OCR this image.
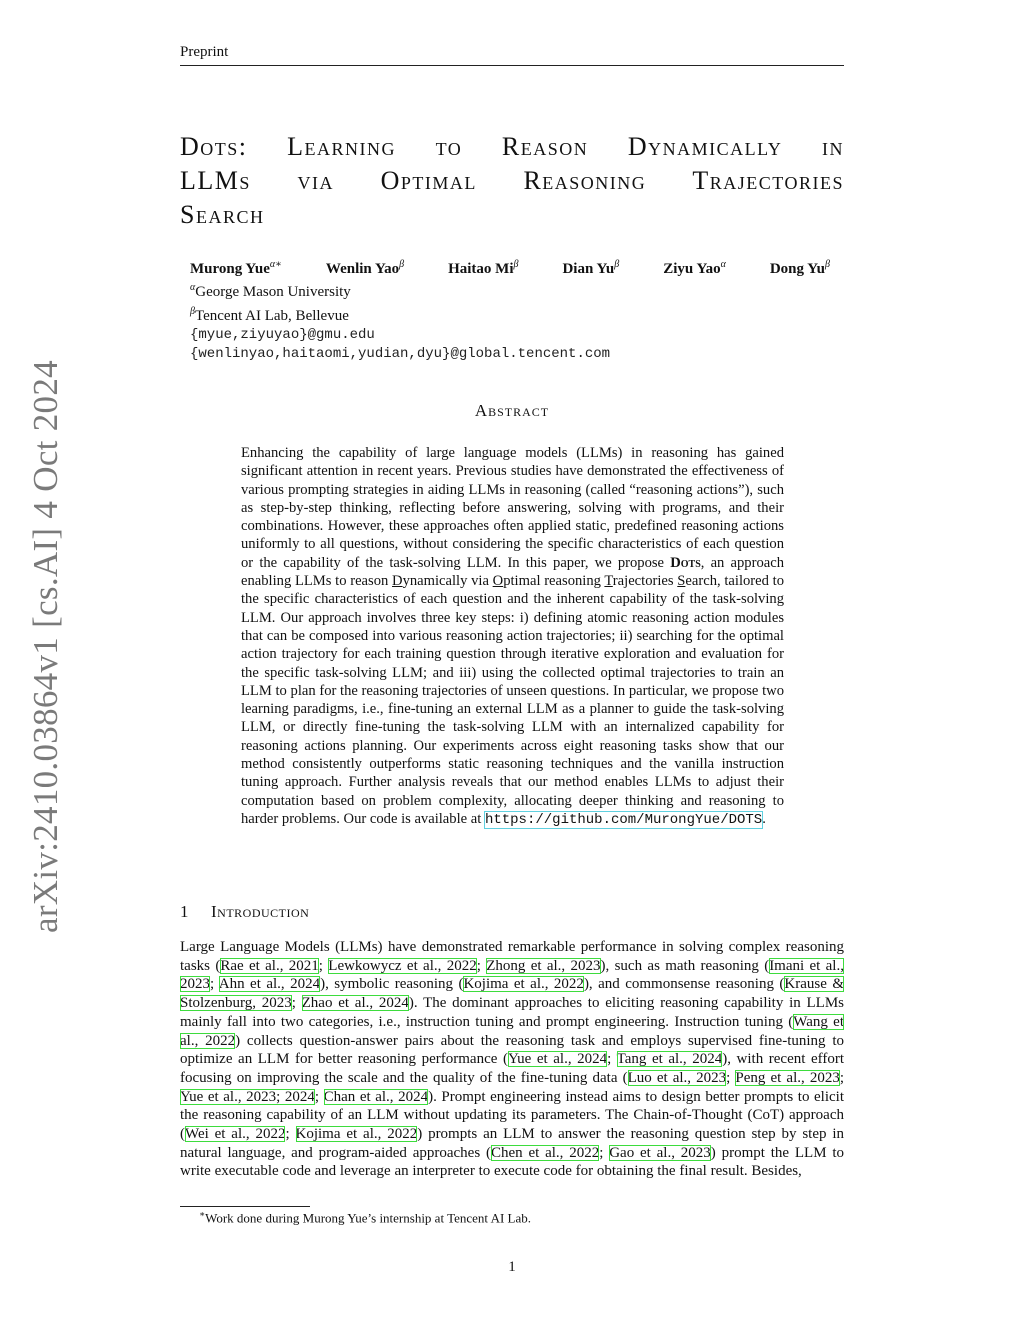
Preprint
arXiv:2410.03864v1 [cs.AI] 4 Oct 2024
Dots: Learning to Reason Dynamically in
LLMs via Optimal Reasoning Trajectories
Search
Murong Yue$^{\alpha∗}$	Wenlin Yao$^\beta$	Haitao $Mi^\beta$	Dian $Yu^\beta$	Ziyu Yao$^\alpha$	Dong $Yu^\beta$
$^\alpha$George Mason University
$^\beta$Tencent AI Lab, Bellevue
{myue,ziyuyao}@gmu.edu
{wenlinyao,haitaomi,yudian,dyu}@global.tencent.com
Abstract
Enhancing the capability of large language models (LLMs) in reasoning has gained significant attention in recent years. Previous studies have demonstrated the effectiveness of various prompting strategies in aiding LLMs in reasoning (called “reasoning actions”), such as step-by-step thinking, reflecting before answering, solving with programs, and their combinations. However, these approaches often applied static, predefined reasoning actions uniformly to all questions, without considering the specific characteristics of each question or the capability of the task-solving LLM. In this paper, we propose Dots, an approach enabling LLMs to reason Dynamically via Optimal reasoning Trajectories Search, tailored to the specific characteristics of each question and the inherent capability of the task-solving LLM. Our approach involves three key steps: i) defining atomic reasoning action modules that can be composed into various reasoning action trajectories; ii) searching for the optimal action trajectory for each training question through iterative exploration and evaluation for the specific task-solving LLM; and iii) using the collected optimal trajectories to train an LLM to plan for the reasoning trajectories of unseen questions. In particular, we propose two learning paradigms, i.e., fine-tuning an external LLM as a planner to guide the task-solving LLM, or directly fine-tuning the task-solving LLM with an internalized capability for reasoning actions planning. Our experiments across eight reasoning tasks show that our method consistently outperforms static reasoning techniques and the vanilla instruction tuning approach. Further analysis reveals that our method enables LLMs to adjust their computation based on problem complexity, allocating deeper thinking and reasoning to harder problems. Our code is available at https://github.com/MurongYue/DOTS.
1 Introduction
Large Language Models (LLMs) have demonstrated remarkable performance in solving complex reasoning tasks (Rae et al., 2021; Lewkowycz et al., 2022; Zhong et al., 2023), such as math reasoning (Imani et al., 2023; Ahn et al., 2024), symbolic reasoning (Kojima et al., 2022), and commonsense reasoning (Krause & Stolzenburg, 2023; Zhao et al., 2024). The dominant approaches to eliciting reasoning capability in LLMs mainly fall into two categories, i.e., instruction tuning and prompt engineering. Instruction tuning (Wang et al., 2022) collects question-answer pairs about the reasoning task and employs supervised fine-tuning to optimize an LLM for better reasoning performance (Yue et al., 2024; Tang et al., 2024), with recent effort focusing on improving the scale and the quality of the fine-tuning data (Luo et al., 2023; Peng et al., 2023; Yue et al., 2023; 2024; Chan et al., 2024). Prompt engineering instead aims to design better prompts to elicit the reasoning capability of an LLM without updating its parameters. The Chain-of-Thought (CoT) approach (Wei et al., 2022; Kojima et al., 2022) prompts an LLM to answer the reasoning question step by step in natural language, and program-aided approaches (Chen et al., 2022; Gao et al., 2023) prompt the LLM to write executable code and leverage an interpreter to execute code for obtaining the final result. Besides,
∗Work done during Murong Yue’s internship at Tencent AI Lab.
1
